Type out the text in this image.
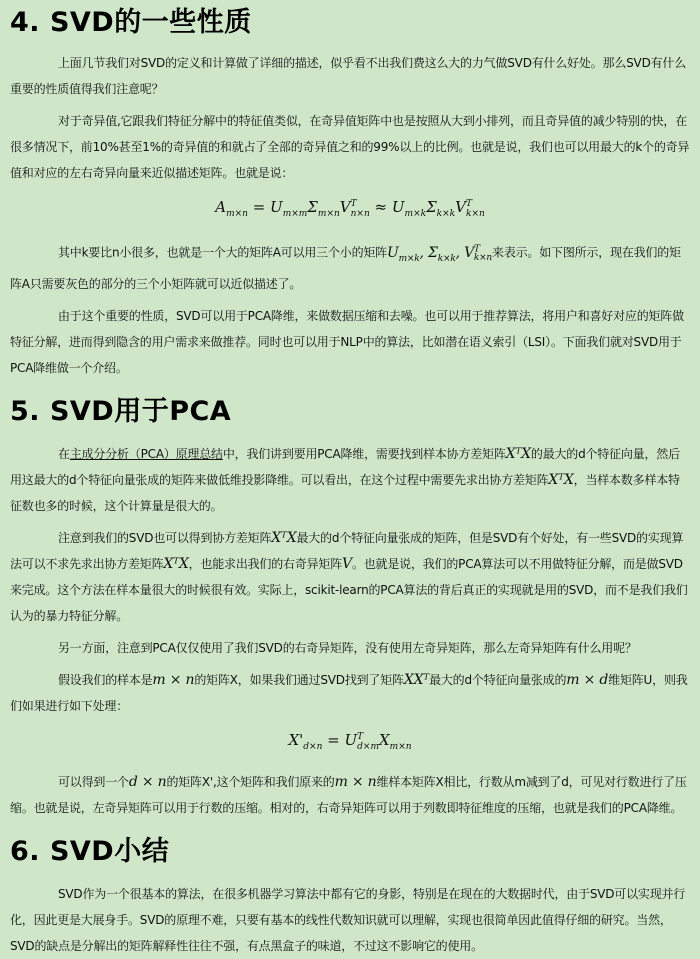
4. SVD的一些性质

上面几节我们对SVD的定义和计算做了详细的描述，似乎看不出我们费这么大的力气做SVD有什么好处。那么SVD有什么重要的性质值得我们注意呢？

对于奇异值,它跟我们特征分解中的特征值类似，在奇异值矩阵中也是按照从大到小排列，而且奇异值的减少特别的快，在很多情况下，前10%甚至1%的奇异值的和就占了全部的奇异值之和的99%以上的比例。也就是说，我们也可以用最大的k个的奇异值和对应的左右奇异向量来近似描述矩阵。也就是说：

$A_{m\times n} = U_{m\times m}\Sigma_{m\times n}V^T_{n\times n} \approx U_{m\times k}\Sigma_{k\times k}V^T_{k\times n}$

其中k要比n小很多，也就是一个大的矩阵A可以用三个小的矩阵$U_{m\times k}$, $\Sigma_{k\times k}$, $V^T_{k\times n}$来表示。如下图所示，现在我们的矩阵A只需要灰色的部分的三个小矩阵就可以近似描述了。

由于这个重要的性质，SVD可以用于PCA降维，来做数据压缩和去噪。也可以用于推荐算法，将用户和喜好对应的矩阵做特征分解，进而得到隐含的用户需求来做推荐。同时也可以用于NLP中的算法，比如潜在语义索引（LSI）。下面我们就对SVD用于PCA降维做一个介绍。

5. SVD用于PCA

在主成分分析（PCA）原理总结中，我们讲到要用PCA降维，需要找到样本协方差矩阵XᵀX的最大的d个特征向量，然后用这最大的d个特征向量张成的矩阵来做低维投影降维。可以看出，在这个过程中需要先求出协方差矩阵XᵀX，当样本数多样本特征数也多的时候，这个计算量是很大的。

注意到我们的SVD也可以得到协方差矩阵XᵀX最大的d个特征向量张成的矩阵，但是SVD有个好处，有一些SVD的实现算法可以不求先求出协方差矩阵XᵀX，也能求出我们的右奇异矩阵V。也就是说，我们的PCA算法可以不用做特征分解，而是做SVD来完成。这个方法在样本量很大的时候很有效。实际上，scikit-learn的PCA算法的背后真正的实现就是用的SVD，而不是我们我们认为的暴力特征分解。

另一方面，注意到PCA仅仅使用了我们SVD的右奇异矩阵，没有使用左奇异矩阵，那么左奇异矩阵有什么用呢？

假设我们的样本是m × n的矩阵X，如果我们通过SVD找到了矩阵XXᵀ最大的d个特征向量张成的m × d维矩阵U，则我们如果进行如下处理：

$X'_{d\times n} = U^T_{d\times m}X_{m\times n}$

可以得到一个d × n的矩阵X',这个矩阵和我们原来的m × n维样本矩阵X相比，行数从m减到了d，可见对行数进行了压缩。也就是说，左奇异矩阵可以用于行数的压缩。相对的，右奇异矩阵可以用于列数即特征维度的压缩，也就是我们的PCA降维。

6. SVD小结

SVD作为一个很基本的算法，在很多机器学习算法中都有它的身影，特别是在现在的大数据时代，由于SVD可以实现并行化，因此更是大展身手。SVD的原理不难，只要有基本的线性代数知识就可以理解，实现也很简单因此值得仔细的研究。当然，SVD的缺点是分解出的矩阵解释性往往不强，有点黑盒子的味道，不过这不影响它的使用。
